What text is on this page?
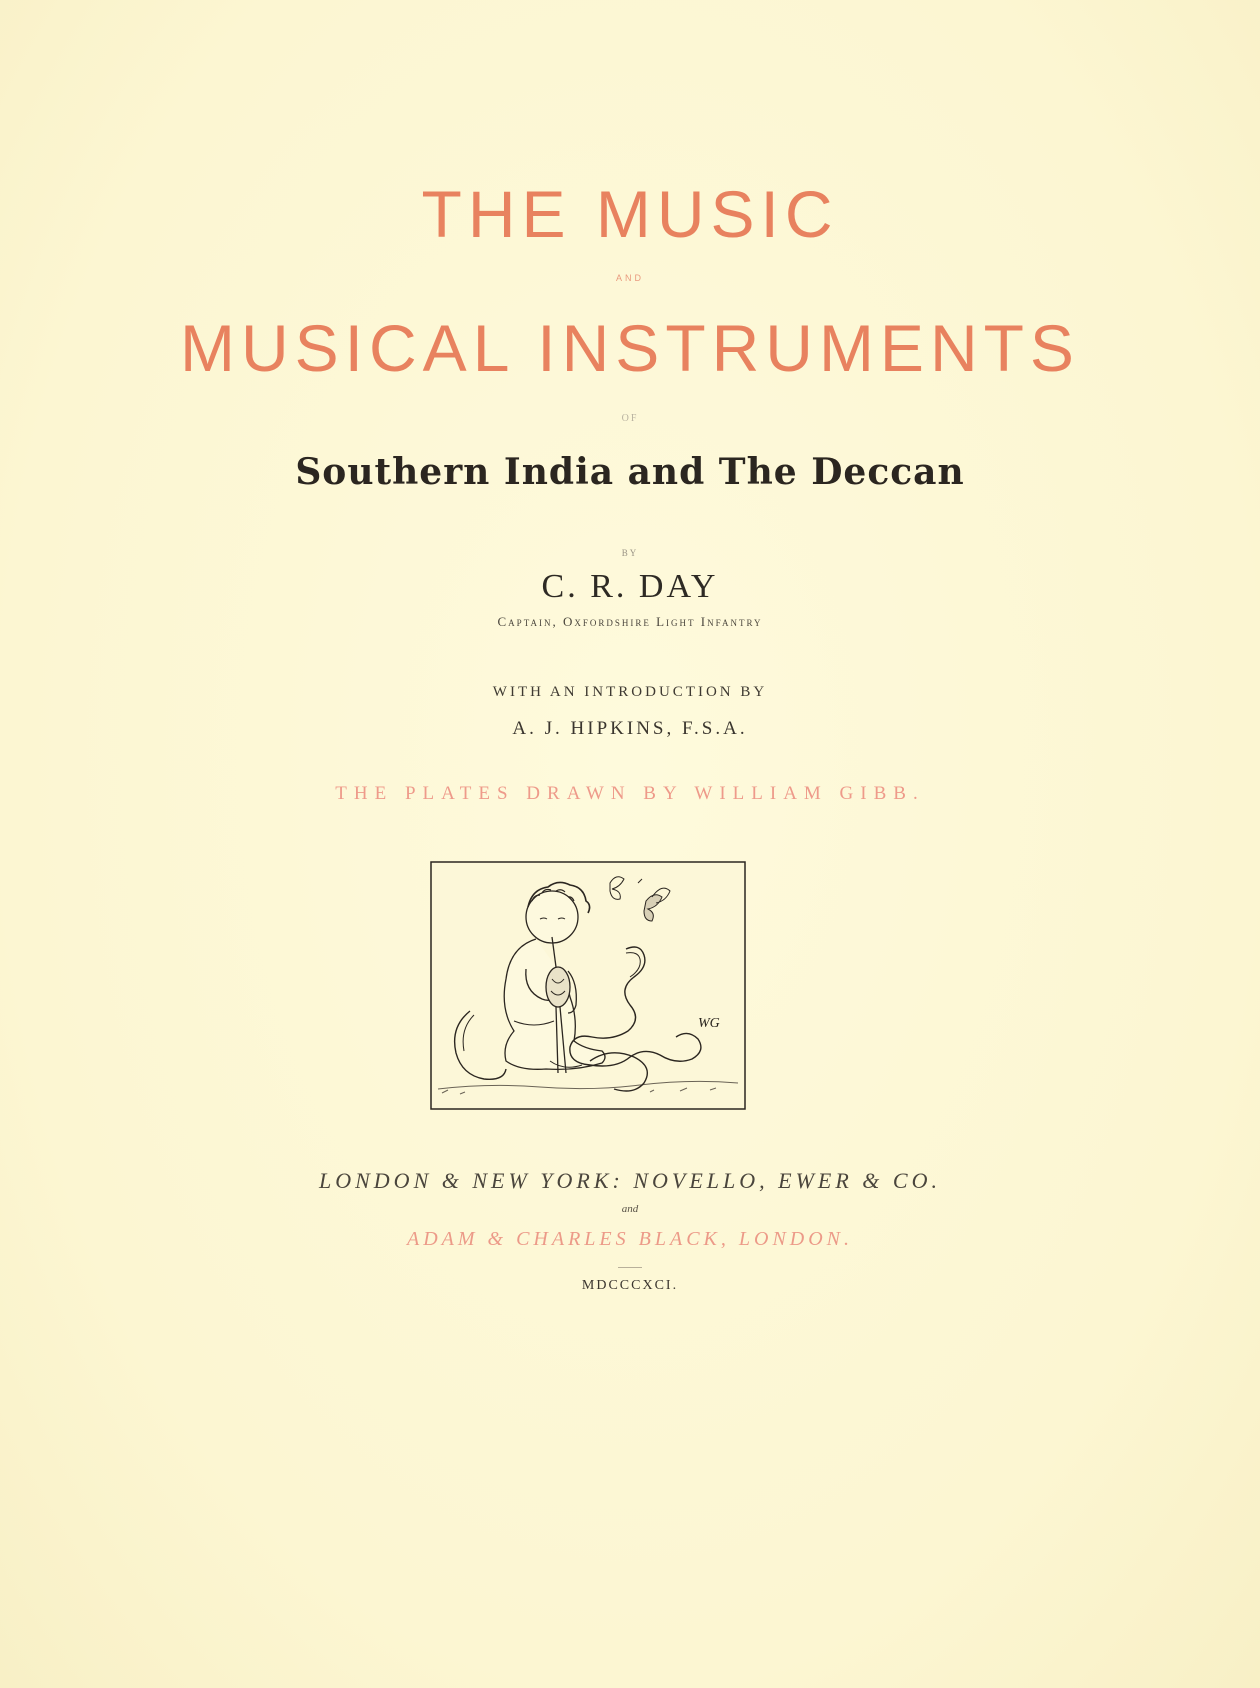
THE MUSIC
AND
MUSICAL INSTRUMENTS
OF
Southern India and The Deccan
BY
C. R. DAY
Captain, Oxfordshire Light Infantry
WITH AN INTRODUCTION BY
A. J. HIPKINS, F.S.A.
THE PLATES DRAWN BY WILLIAM GIBB.
WG
LONDON & NEW YORK: NOVELLO, EWER & CO.
and
ADAM & CHARLES BLACK, LONDON.
MDCCCXCI.
